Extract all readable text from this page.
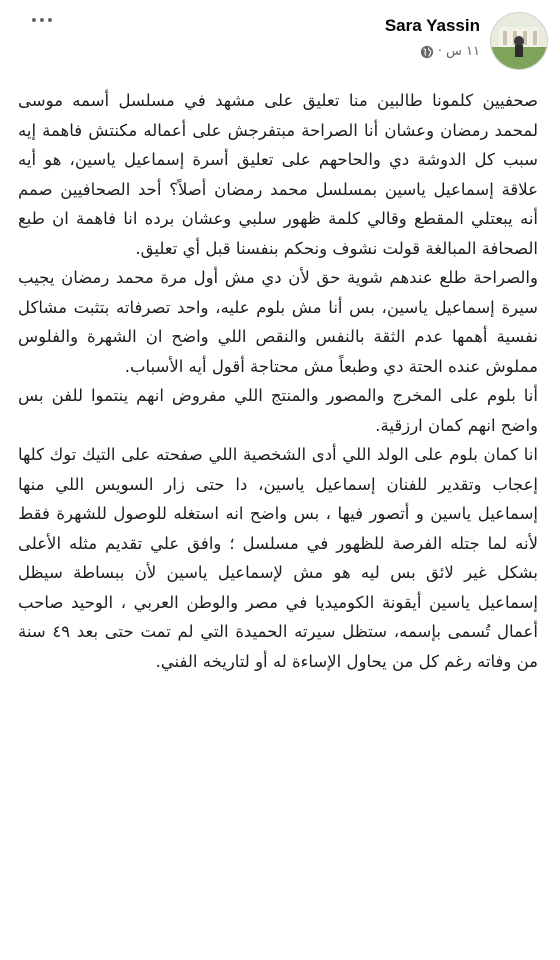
Sara Yassin
١١ س
·

صحفيين كلمونا طالبين منا تعليق على مشهد في مسلسل أسمه موسى لمحمد رمضان وعشان أنا الصراحة مبتفرجش على أعماله مكنتش فاهمة إيه سبب كل الدوشة دي والحاحهم على تعليق أسرة إسماعيل ياسين، هو أيه علاقة إسماعيل ياسين بمسلسل محمد رمضان أصلاً؟ أحد الصحافيين صمم أنه يبعتلي المقطع وقالي كلمة ظهور سلبي وعشان برده انا فاهمة ان طبع الصحافة المبالغة قولت نشوف ونحكم بنفسنا قبل أي تعليق.

والصراحة طلع عندهم شوية حق لأن دي مش أول مرة محمد رمضان يجيب سيرة إسماعيل ياسين، بس أنا مش بلوم عليه، واحد تصرفاته بتثبت مشاكل نفسية أهمها عدم الثقة بالنفس والنقص اللي واضح ان الشهرة والفلوس مملوش عنده الحتة دي وطبعاً مش محتاجة أقول أيه الأسباب.

أنا بلوم على المخرج والمصور والمنتج اللي مفروض انهم ينتموا للفن بس واضح انهم كمان ارزقية.

انا كمان بلوم على الولد اللي أدى الشخصية اللي صفحته على التيك توك كلها إعجاب وتقدير للفنان إسماعيل ياسين، دا حتى زار السويس اللي منها إسماعيل ياسين و أتصور فيها ، بس واضح انه استغله للوصول للشهرة فقط لأنه لما جتله الفرصة للظهور في مسلسل ؛ وافق علي تقديم مثله الأعلى بشكل غير لائق بس ليه هو مش لإسماعيل ياسين لأن ببساطة سيظل إسماعيل ياسين أيقونة الكوميديا في مصر والوطن العربي ، الوحيد صاحب أعمال تُسمى بإسمه، ستظل سيرته الحميدة التي لم تمت حتى بعد ٤٩ سنة من وفاته رغم كل من يحاول الإساءة له أو لتاريخه الفني.
